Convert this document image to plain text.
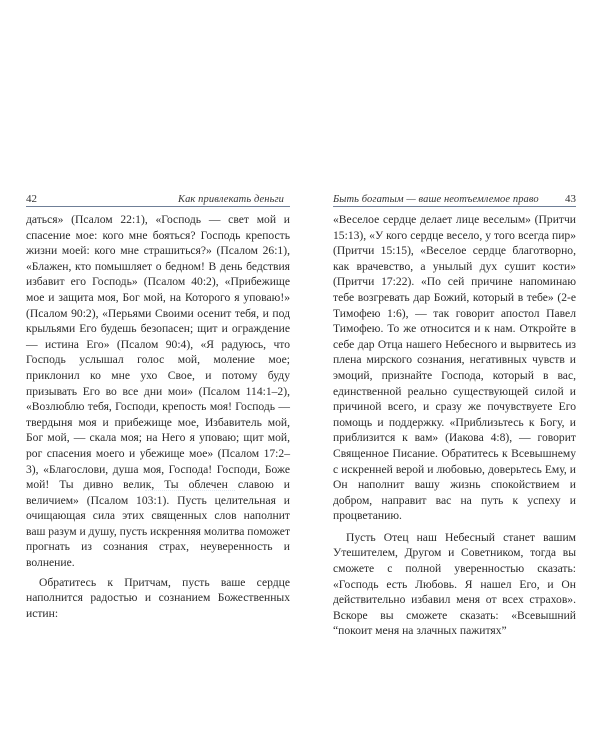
42	Как привлекать деньги

даться» (Псалом 22:1), «Господь — свет мой и спасение мое: кого мне бояться? Господь крепость жизни моей: кого мне страшиться?» (Псалом 26:1), «Блажен, кто помышляет о бедном! В день бедствия избавит его Господь» (Псалом 40:2), «Прибежище мое и защита моя, Бог мой, на Которого я уповаю!» (Псалом 90:2), «Перьями Своими осенит тебя, и под крыльями Его будешь безопасен; щит и ограждение — истина Его» (Псалом 90:4), «Я радуюсь, что Господь услышал голос мой, моление мое; приклонил ко мне ухо Свое, и потому буду призывать Его во все дни мои» (Псалом 114:1–2), «Возлюблю тебя, Господи, крепость моя! Господь — твердыня моя и прибежище мое, Избавитель мой, Бог мой, — скала моя; на Него я уповаю; щит мой, рог спасения моего и убежище мое» (Псалом 17:2–3), «Благослови, душа моя, Господа! Господи, Боже мой! Ты дивно велик, Ты облечен славою и величием» (Псалом 103:1). Пусть целительная и очищающая сила этих священных слов наполнит ваш разум и душу, пусть искренняя молитва поможет прогнать из сознания страх, неуверенность и волнение.

Обратитесь к Притчам, пусть ваше сердце наполнится радостью и сознанием Божественных истин:

Быть богатым — ваше неотъемлемое право 43

«Веселое сердце делает лице веселым» (Притчи 15:13), «У кого сердце весело, у того всегда пир» (Притчи 15:15), «Веселое сердце благотворно, как врачевство, а унылый дух сушит кости» (Притчи 17:22). «По сей причине напоминаю тебе возгревать дар Божий, который в тебе» (2-е Тимофею 1:6), — так говорит апостол Павел Тимофею. То же относится и к нам. Откройте в себе дар Отца нашего Небесного и вырвитесь из плена мирского сознания, негативных чувств и эмоций, признайте Господа, который в вас, единственной реально существующей силой и причиной всего, и сразу же почувствуете Его помощь и поддержку. «Приблизьтесь к Богу, и приблизится к вам» (Иакова 4:8), — говорит Священное Писание. Обратитесь к Всевышнему с искренней верой и любовью, доверьтесь Ему, и Он наполнит вашу жизнь спокойствием и добром, направит вас на путь к успеху и процветанию.

Пусть Отец наш Небесный станет вашим Утешителем, Другом и Советником, тогда вы сможете с полной уверенностью сказать: «Господь есть Любовь. Я нашел Его, и Он действительно избавил меня от всех страхов». Вскоре вы сможете сказать: «Всевышний “покоит меня на злачных пажитях”
